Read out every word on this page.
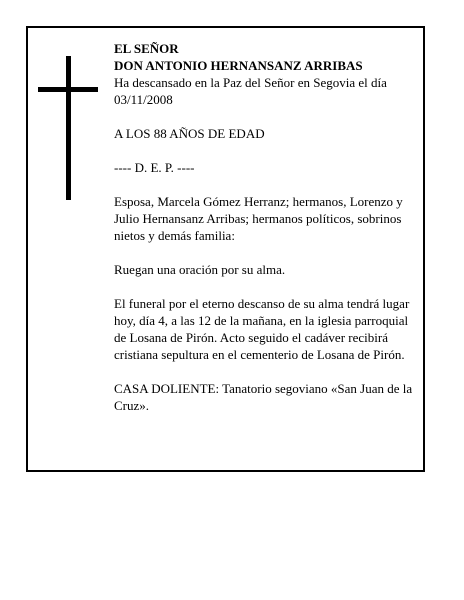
EL SEÑOR
DON ANTONIO HERNANSANZ ARRIBAS

Ha descansado en la Paz del Señor en Segovia el día 03/11/2008

A LOS 88 AÑOS DE EDAD

---- D. E. P. ----

Esposa, Marcela Gómez Herranz; hermanos, Lorenzo y Julio Hernansanz Arribas; hermanos políticos, sobrinos nietos y demás familia:

Ruegan una oración por su alma.

El funeral por el eterno descanso de su alma tendrá lugar hoy, día 4, a las 12 de la mañana, en la iglesia parroquial de Losana de Pirón. Acto seguido el cadáver recibirá cristiana sepultura en el cementerio de Losana de Pirón.

CASA DOLIENTE: Tanatorio segoviano «San Juan de la Cruz».
